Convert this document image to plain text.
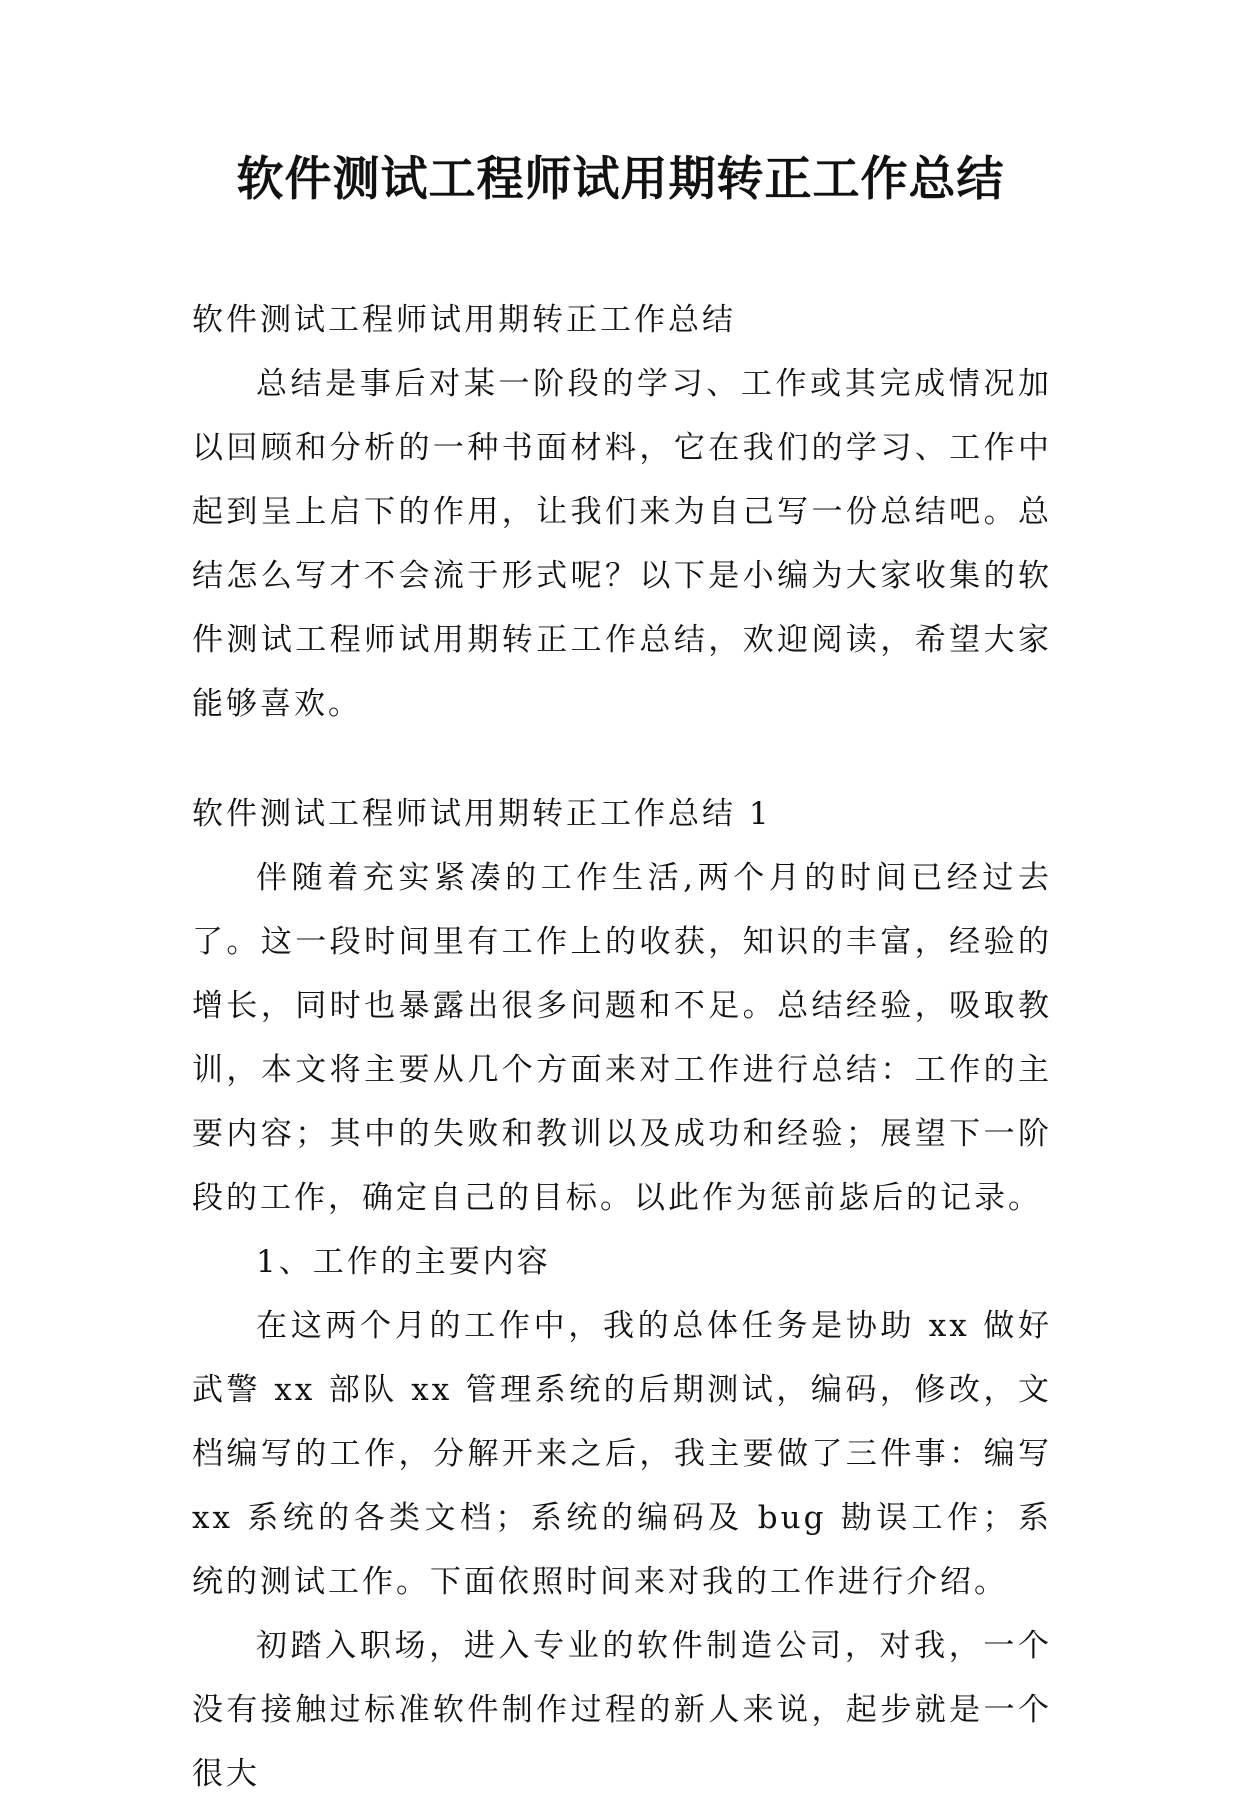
软件测试工程师试用期转正工作总结

软件测试工程师试用期转正工作总结

总结是事后对某一阶段的学习、工作或其完成情况加以回顾和分析的一种书面材料，它在我们的学习、工作中起到呈上启下的作用，让我们来为自己写一份总结吧。总结怎么写才不会流于形式呢？以下是小编为大家收集的软件测试工程师试用期转正工作总结，欢迎阅读，希望大家能够喜欢。

软件测试工程师试用期转正工作总结 1

伴随着充实紧凑的工作生活,两个月的时间已经过去了。这一段时间里有工作上的收获，知识的丰富，经验的增长，同时也暴露出很多问题和不足。总结经验，吸取教训，本文将主要从几个方面来对工作进行总结：工作的主要内容；其中的失败和教训以及成功和经验；展望下一阶段的工作，确定自己的目标。以此作为惩前毖后的记录。

1、工作的主要内容

在这两个月的工作中，我的总体任务是协助 xx 做好武警 xx 部队 xx 管理系统的后期测试，编码，修改，文档编写的工作，分解开来之后，我主要做了三件事：编写 xx 系统的各类文档；系统的编码及 bug 勘误工作；系统的测试工作。下面依照时间来对我的工作进行介绍。

初踏入职场，进入专业的软件制造公司，对我，一个没有接触过标准软件制作过程的新人来说，起步就是一个很大
